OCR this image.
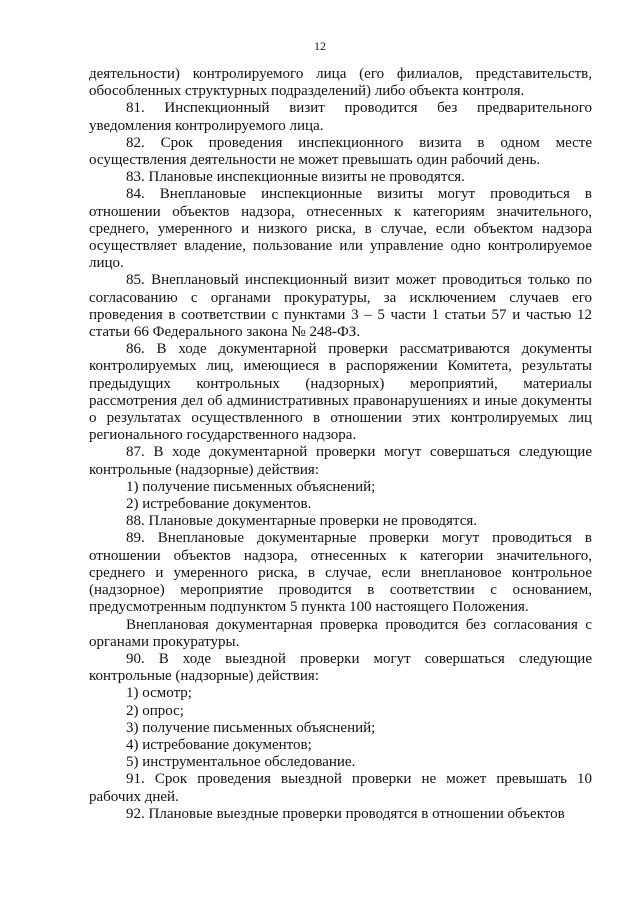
12

деятельности) контролируемого лица (его филиалов, представительств, обособленных структурных подразделений) либо объекта контроля.

81. Инспекционный визит проводится без предварительного уведомления контролируемого лица.

82. Срок проведения инспекционного визита в одном месте осуществления деятельности не может превышать один рабочий день.

83. Плановые инспекционные визиты не проводятся.

84. Внеплановые инспекционные визиты могут проводиться в отношении объектов надзора, отнесенных к категориям значительного, среднего, умеренного и низкого риска, в случае, если объектом надзора осуществляет владение, пользование или управление одно контролируемое лицо.

85. Внеплановый инспекционный визит может проводиться только по согласованию с органами прокуратуры, за исключением случаев его проведения в соответствии с пунктами 3 – 5 части 1 статьи 57 и частью 12 статьи 66 Федерального закона № 248-ФЗ.

86. В ходе документарной проверки рассматриваются документы контролируемых лиц, имеющиеся в распоряжении Комитета, результаты предыдущих контрольных (надзорных) мероприятий, материалы рассмотрения дел об административных правонарушениях и иные документы о результатах осуществленного в отношении этих контролируемых лиц регионального государственного надзора.

87. В ходе документарной проверки могут совершаться следующие контрольные (надзорные) действия:

1) получение письменных объяснений;

2) истребование документов.

88. Плановые документарные проверки не проводятся.

89. Внеплановые документарные проверки могут проводиться в отношении объектов надзора, отнесенных к категории значительного, среднего и умеренного риска, в случае, если внеплановое контрольное (надзорное) мероприятие проводится в соответствии с основанием, предусмотренным подпунктом 5 пункта 100 настоящего Положения.

Внеплановая документарная проверка проводится без согласования с органами прокуратуры.

90. В ходе выездной проверки могут совершаться следующие контрольные (надзорные) действия:

1) осмотр;

2) опрос;

3) получение письменных объяснений;

4) истребование документов;

5) инструментальное обследование.

91. Срок проведения выездной проверки не может превышать 10 рабочих дней.

92. Плановые выездные проверки проводятся в отношении объектов
